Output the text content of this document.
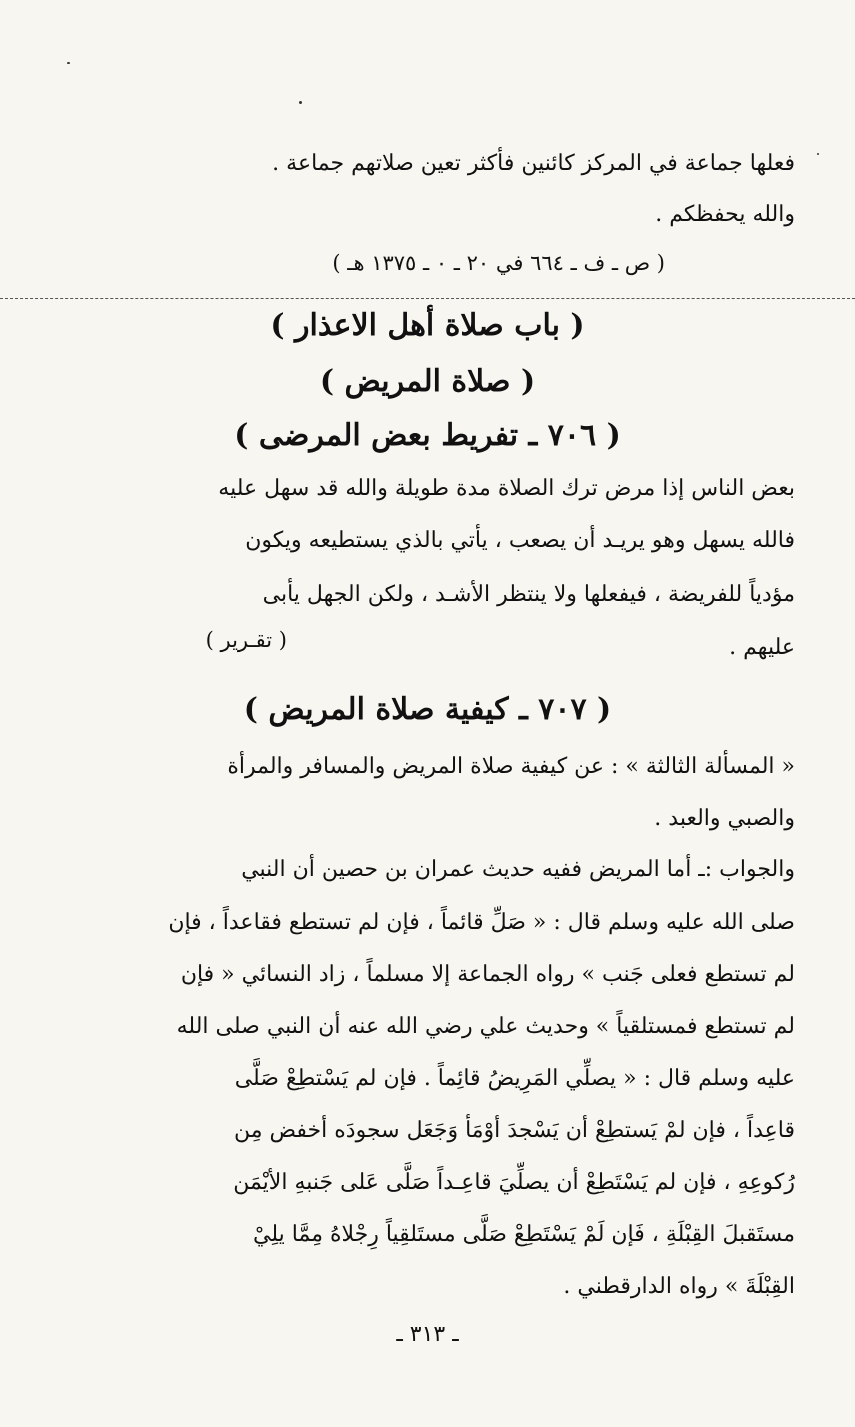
فعلها جماعة في المركز كائنين فأكثر تعين صلاتهم جماعة .
والله يحفظكم .
( ص ـ ف ـ ٦٦٤ في ٢٠ ـ ٠ ـ ١٣٧٥ هـ )
( باب صلاة أهل الاعذار )
( صلاة المريض )
( ٧٠٦ ـ تفريط بعض المرضى )
بعض الناس إذا مرض ترك الصلاة مدة طويلة والله قد سهل عليه
فالله يسهل وهو يريـد أن يصعب ، يأتي بالذي يستطيعه ويكون
مؤدياً للفريضة ، فيفعلها ولا ينتظر الأشـد ، ولكن الجهل يأبى
عليهم .
( تقـرير )
( ٧٠٧ ـ كيفية صلاة المريض )
« المسألة الثالثة » : عن كيفية صلاة المريض والمسافر والمرأة
والصبي والعبد .
والجواب :ـ أما المريض ففيه حديث عمران بن حصين أن النبي
صلى الله عليه وسلم قال : « صَلِّ قائماً ، فإن لم تستطع فقاعداً ، فإن
لم تستطع فعلى جَنب » رواه الجماعة إلا مسلماً ، زاد النسائي « فإن
لم تستطع فمستلقياً » وحديث علي رضي الله عنه أن النبي صلى الله
عليه وسلم قال : « يصلِّي المَرِيضُ قائِماً . فإن لم يَسْتطِعْ صَلَّى
قاعِداً ، فإن لمْ يَستطِعْ أن يَسْجدَ أوْمَأ وَجَعَل سجودَه أخفض مِن
رُكوعِهِ ، فإن لم يَسْتَطِعْ أن يصلِّيَ قاعِـداً صَلَّى عَلى جَنبهِ الأيْمَن
مستَقبلَ القِبْلَةِ ، فَإن لَمْ يَسْتَطِعْ صَلَّى مستَلقِياً رِجْلاهُ مِمَّا يلِيْ
القِبْلَةَ » رواه الدارقطني .
ـ ٣١٣ ـ
